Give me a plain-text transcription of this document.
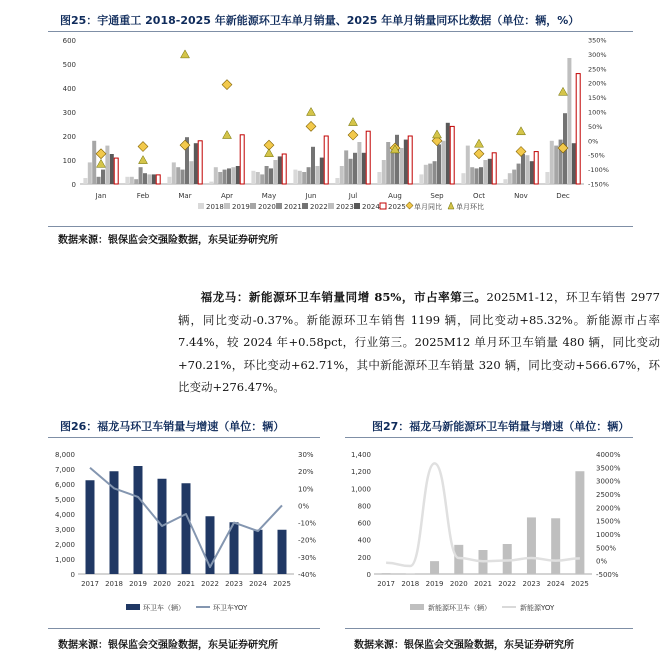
图25：宇通重工 2018-2025 年新能源环卫车单月销量、2025 年单月销量同环比数据（单位：辆，%）
0
100
200
300
400
500
600
-150%
-100%
-50%
0%
50%
100%
150%
200%
250%
300%
350%
Jan	Feb	Mar	Apr	May	Jun	Jul	Aug	Sep	Oct	Nov	Dec
2018 2019 2020 2021 2022 2023 2024 2025 单月同比 单月环比
数据来源：银保监会交强险数据，东吴证券研究所
福龙马：新能源环卫车销量同增 85%，市占率第三。2025M1-12，环卫车销售 2977 辆，同比变动-0.37%。新能源环卫车销售 1199 辆，同比变动+85.32%。新能源市占率 7.44%，较 2024 年+0.58pct，行业第三。2025M12 单月环卫车销量 480 辆，同比变动+70.21%，环比变动+62.71%，其中新能源环卫车销量 320 辆，同比变动+566.67%，环比变动+276.47%。
图26：福龙马环卫车销量与增速（单位：辆）
0
1,000
2,000
3,000
4,000
5,000
6,000
7,000
8,000
-40%
-30%
-20%
-10%
0%
10%
20%
30%
2017 2018 2019 2020 2021 2022 2023 2024 2025
环卫车（辆）	环卫车YOY
数据来源：银保监会交强险数据，东吴证券研究所
图27：福龙马新能源环卫车销量与增速（单位：辆）
0
200
400
600
800
1,000
1,200
1,400
-500%
0%
500%
1000%
1500%
2000%
2500%
3000%
3500%
4000%
2017 2018 2019 2020 2021 2022 2023 2024 2025
新能源环卫车（辆）	新能源YOY
数据来源：银保监会交强险数据，东吴证券研究所
